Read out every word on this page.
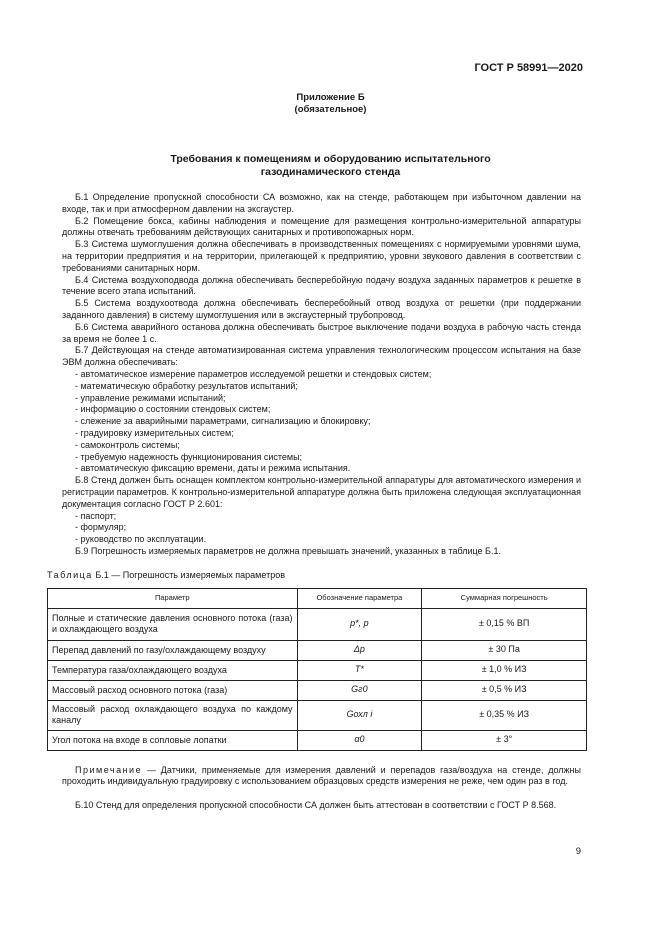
ГОСТ Р 58991—2020
Приложение Б
(обязательное)
Требования к помещениям и оборудованию испытательного
газодинамического стенда

Б.1 Определение пропускной способности СА возможно, как на стенде, работающем при избыточном давлении на входе, так и при атмосферном давлении на эксгаустер.

Б.2 Помещение бокса, кабины наблюдения и помещение для размещения контрольно-измерительной аппаратуры должны отвечать требованиям действующих санитарных и противопожарных норм.

Б.3 Система шумоглушения должна обеспечивать в производственных помещениях с нормируемыми уровнями шума, на территории предприятия и на территории, прилегающей к предприятию, уровни звукового давления в соответствии с требованиями санитарных норм.

Б.4 Система воздухоподвода должна обеспечивать бесперебойную подачу воздуха заданных параметров к решетке в течение всего этапа испытаний.

Б.5 Система воздухоотвода должна обеспечивать бесперебойный отвод воздуха от решетки (при поддержании заданного давления) в систему шумоглушения или в эксгаустерный трубопровод.

Б.6 Система аварийного останова должна обеспечивать быстрое выключение подачи воздуха в рабочую часть стенда за время не более 1 с.

Б.7 Действующая на стенде автоматизированная система управления технологическим процессом испытания на базе ЭВМ должна обеспечивать:

- автоматическое измерение параметров исследуемой решетки и стендовых систем;

- математическую обработку результатов испытаний;

- управление режимами испытаний;

- информацию о состоянии стендовых систем;

- слежение за аварийными параметрами, сигнализацию и блокировку;

- градуировку измерительных систем;

- самоконтроль системы;

- требуемую надежность функционирования системы;

- автоматическую фиксацию времени, даты и режима испытания.

Б.8 Стенд должен быть оснащен комплектом контрольно-измерительной аппаратуры для автоматического измерения и регистрации параметров. К контрольно-измерительной аппаратуре должна быть приложена следующая эксплуатационная документация согласно ГОСТ Р 2.601:

- паспорт;

- формуляр;

- руководство по эксплуатации.

Б.9 Погрешность измеряемых параметров не должна превышать значений, указанных в таблице Б.1.

Таблица Б.1 — Погрешность измеряемых параметров
Параметр	Обозначение параметра	Суммарная погрешность
Полные и статические давления основного потока (газа) и охлаждающего воздуха	p*, p	± 0,15 % ВП
Перепад давлений по газу/охлаждающему воздуху	Δp	± 30 Па
Температура газа/охлаждающего воздуха	T*	± 1,0 % ИЗ
Массовый расход основного потока (газа)	Gг0	± 0,5 % ИЗ
Массовый расход охлаждающего воздуха по каждому каналу	Gохл i	± 0,35 % ИЗ
Угол потока на входе в сопловые лопатки	α0	± 3°

Примечание — Датчики, применяемые для измерения давлений и перепадов газа/воздуха на стенде, должны проходить индивидуальную градуировку с использованием образцовых средств измерения не реже, чем один раз в год.

Б.10 Стенд для определения пропускной способности СА должен быть аттестован в соответствии с ГОСТ Р 8.568.

9
